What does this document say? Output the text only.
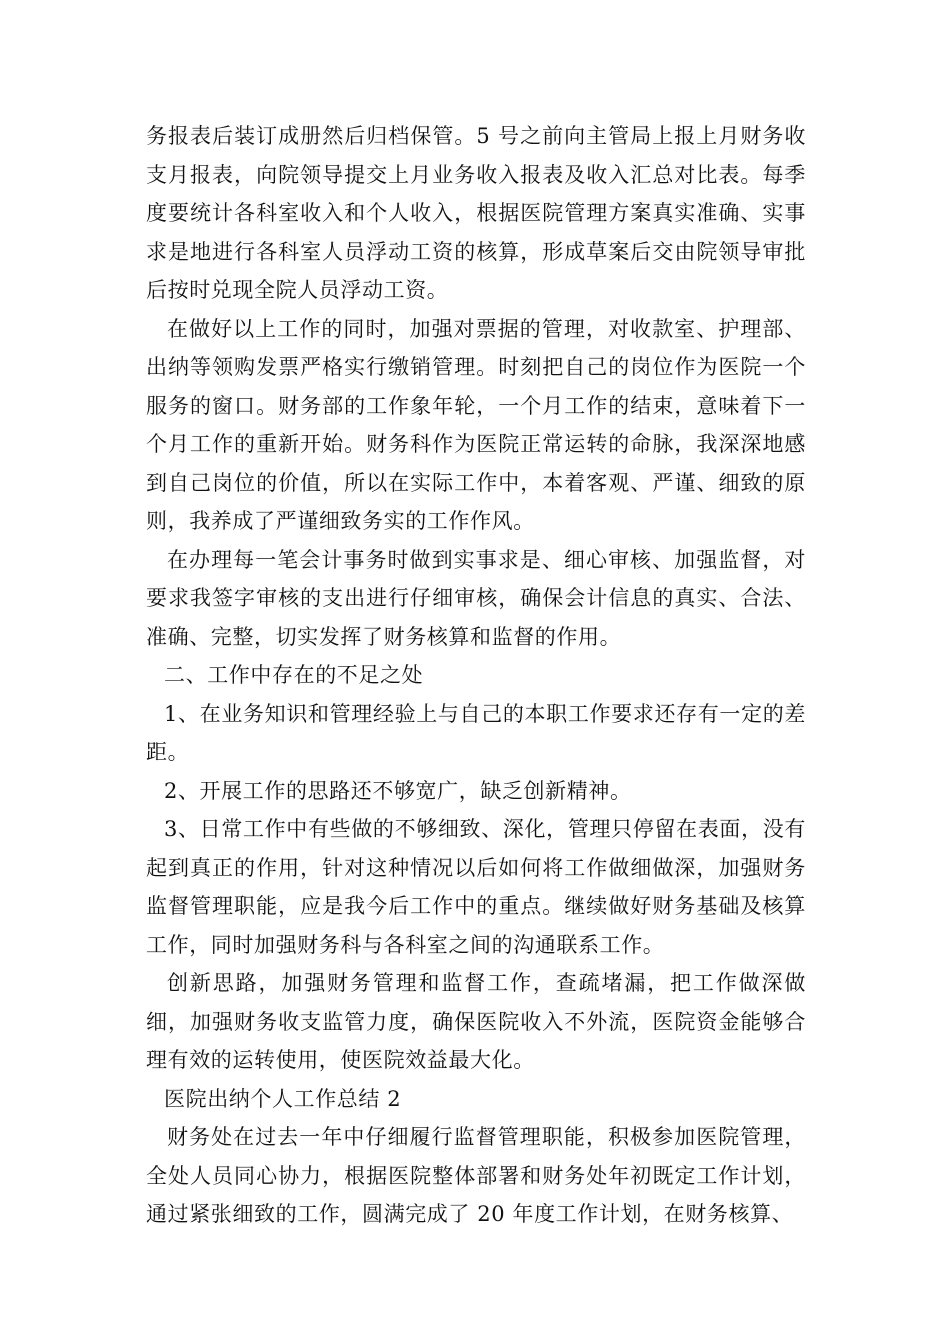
务报表后装订成册然后归档保管。5 号之前向主管局上报上月财务收支月报表，向院领导提交上月业务收入报表及收入汇总对比表。每季度要统计各科室收入和个人收入，根据医院管理方案真实准确、实事求是地进行各科室人员浮动工资的核算，形成草案后交由院领导审批后按时兑现全院人员浮动工资。

在做好以上工作的同时，加强对票据的管理，对收款室、护理部、出纳等领购发票严格实行缴销管理。时刻把自己的岗位作为医院一个服务的窗口。财务部的工作象年轮，一个月工作的结束，意味着下一个月工作的重新开始。财务科作为医院正常运转的命脉，我深深地感到自己岗位的价值，所以在实际工作中，本着客观、严谨、细致的原则，我养成了严谨细致务实的工作作风。

在办理每一笔会计事务时做到实事求是、细心审核、加强监督，对要求我签字审核的支出进行仔细审核，确保会计信息的真实、合法、准确、完整，切实发挥了财务核算和监督的作用。

二、工作中存在的不足之处

1、在业务知识和管理经验上与自己的本职工作要求还存有一定的差距。

2、开展工作的思路还不够宽广，缺乏创新精神。

3、日常工作中有些做的不够细致、深化，管理只停留在表面，没有起到真正的作用，针对这种情况以后如何将工作做细做深，加强财务监督管理职能，应是我今后工作中的重点。继续做好财务基础及核算工作，同时加强财务科与各科室之间的沟通联系工作。

创新思路，加强财务管理和监督工作，查疏堵漏，把工作做深做细，加强财务收支监管力度，确保医院收入不外流，医院资金能够合理有效的运转使用，使医院效益最大化。

医院出纳个人工作总结 2

财务处在过去一年中仔细履行监督管理职能，积极参加医院管理，全处人员同心协力，根据医院整体部署和财务处年初既定工作计划，通过紧张细致的工作，圆满完成了 20 年度工作计划，在财务核算、
